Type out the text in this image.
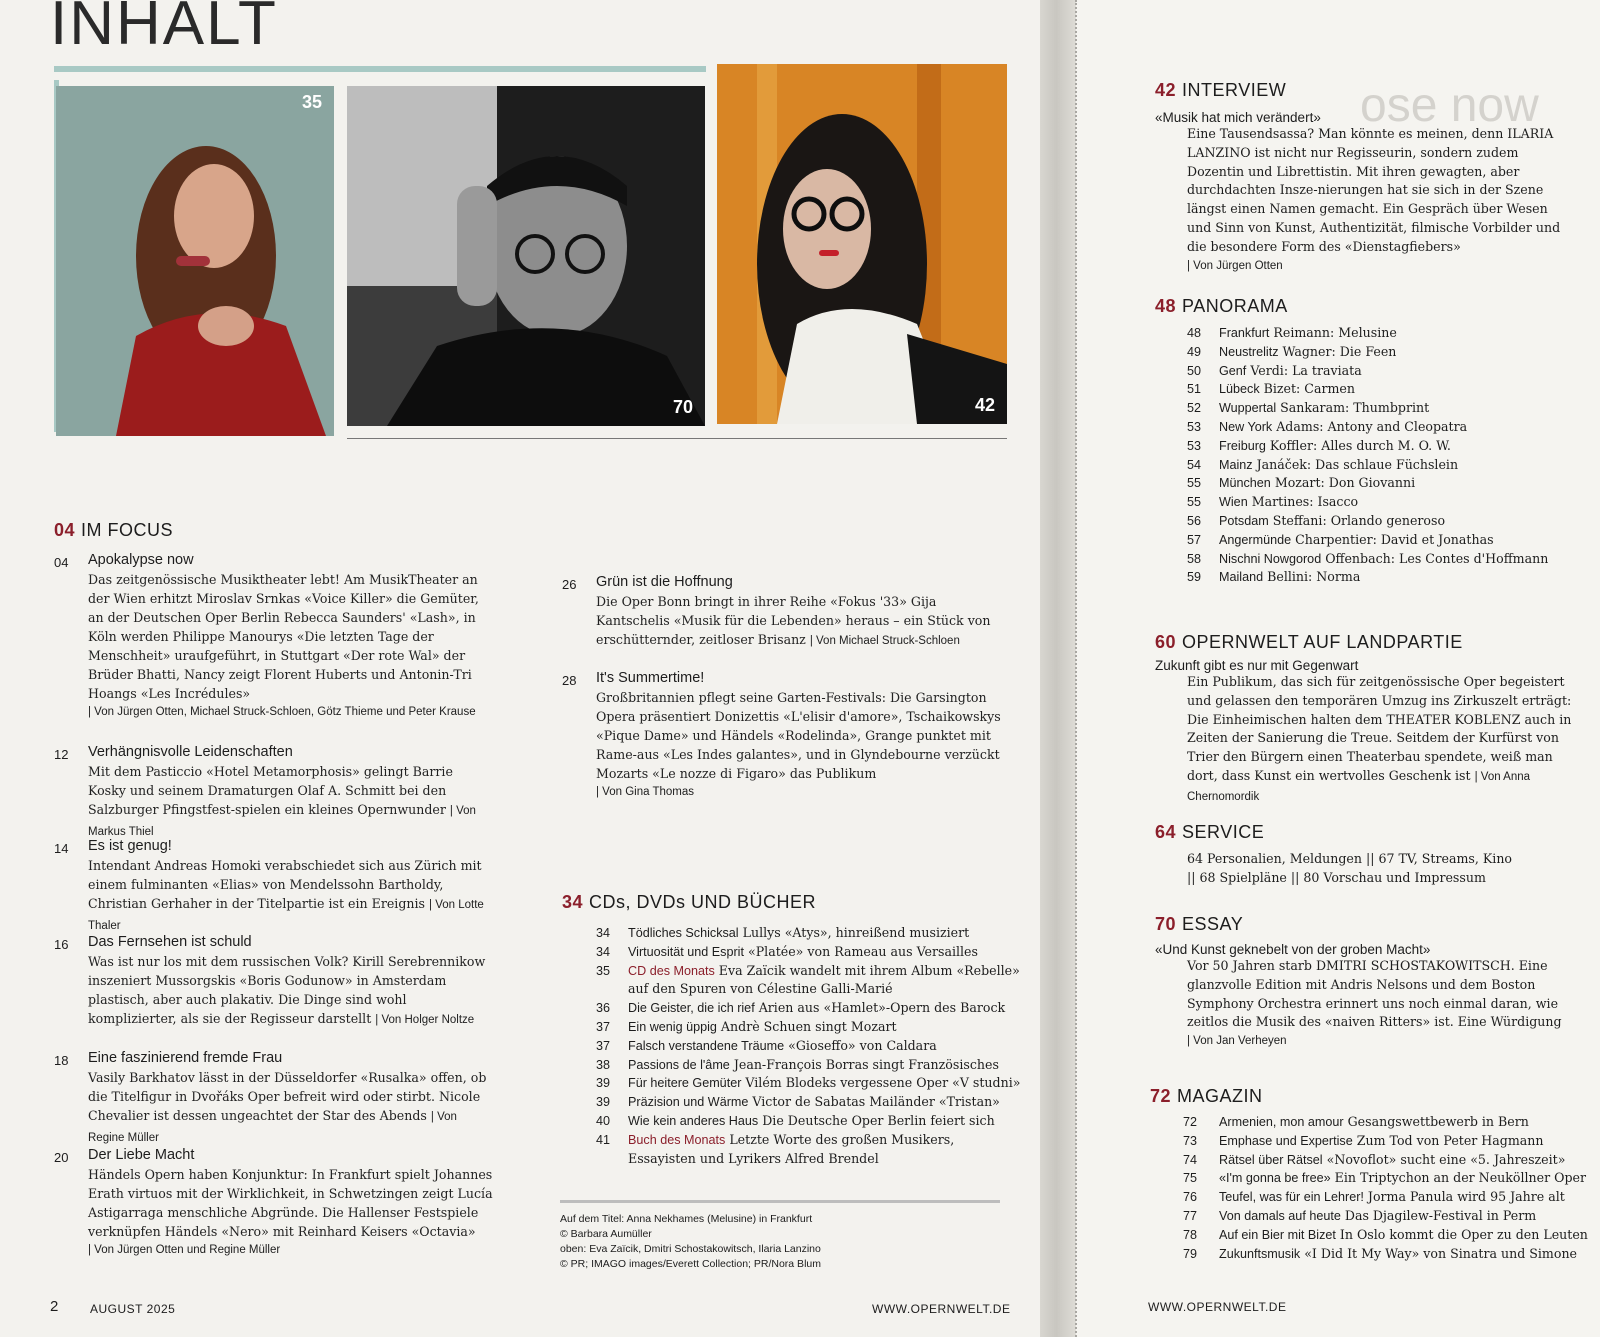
ose now
INHALT
35
70	42
04 IM FOCUS
04 Apokalypse now
Das zeitgenössische Musiktheater lebt! Am MusikTheater an der Wien erhitzt Miroslav Srnkas «Voice Killer» die Gemüter, an der Deutschen Oper Berlin Rebecca Saunders' «Lash», in Köln werden Philippe Manourys «Die letzten Tage der Menschheit» uraufgeführt, in Stuttgart «Der rote Wal» der Brüder Bhatti, Nancy zeigt Florent Huberts und Antonin-Tri Hoangs «Les Incrédules»
| Von Jürgen Otten, Michael Struck-Schloen, Götz Thieme und Peter Krause
12 Verhängnisvolle Leidenschaften
Mit dem Pasticcio «Hotel Metamorphosis» gelingt Barrie Kosky und seinem Dramaturgen Olaf A. Schmitt bei den Salzburger Pfingstfest-spielen ein kleines Opernwunder | Von Markus Thiel
14 Es ist genug!
Intendant Andreas Homoki verabschiedet sich aus Zürich mit einem fulminanten «Elias» von Mendelssohn Bartholdy, Christian Gerhaher in der Titelpartie ist ein Ereignis | Von Lotte Thaler
16 Das Fernsehen ist schuld
Was ist nur los mit dem russischen Volk? Kirill Serebrennikow inszeniert Mussorgskis «Boris Godunow» in Amsterdam plastisch, aber auch plakativ. Die Dinge sind wohl komplizierter, als sie der Regisseur darstellt | Von Holger Noltze
18 Eine faszinierend fremde Frau
Vasily Barkhatov lässt in der Düsseldorfer «Rusalka» offen, ob die Titelfigur in Dvořáks Oper befreit wird oder stirbt. Nicole Chevalier ist dessen ungeachtet der Star des Abends | Von Regine Müller
20 Der Liebe Macht
Händels Opern haben Konjunktur: In Frankfurt spielt Johannes Erath virtuos mit der Wirklichkeit, in Schwetzingen zeigt Lucía Astigarraga menschliche Abgründe. Die Hallenser Festspiele verknüpfen Händels «Nero» mit Reinhard Keisers «Octavia»
| Von Jürgen Otten und Regine Müller
26 Grün ist die Hoffnung
Die Oper Bonn bringt in ihrer Reihe «Fokus '33» Gija Kantschelis «Musik für die Lebenden» heraus – ein Stück von erschütternder, zeitloser Brisanz | Von Michael Struck-Schloen
28 It's Summertime!
Großbritannien pflegt seine Garten-Festivals: Die Garsington Opera präsentiert Donizettis «L'elisir d'amore», Tschaikowskys «Pique Dame» und Händels «Rodelinda», Grange punktet mit Rame-aus «Les Indes galantes», und in Glyndebourne verzückt Mozarts «Le nozze di Figaro» das Publikum
| Von Gina Thomas
34 CDs, DVDs UND BÜCHER
34	Tödliches Schicksal Lullys «Atys», hinreißend musiziert
34	Virtuosität und Esprit «Platée» von Rameau aus Versailles
35	CD des Monats Eva Zaïcik wandelt mit ihrem Album «Rebelle»
auf den Spuren von Célestine Galli-Marié
36	Die Geister, die ich rief Arien aus «Hamlet»-Opern des Barock
37	Ein wenig üppig Andrè Schuen singt Mozart
37	Falsch verstandene Träume «Gioseffo» von Caldara
38	Passions de l'âme Jean-François Borras singt Französisches
39	Für heitere Gemüter Vilém Blodeks vergessene Oper «V studni»
39	Präzision und Wärme Victor de Sabatas Mailänder «Tristan»
40	Wie kein anderes Haus Die Deutsche Oper Berlin feiert sich
41	Buch des Monats Letzte Worte des großen Musikers,
Essayisten und Lyrikers Alfred Brendel
Auf dem Titel: Anna Nekhames (Melusine) in Frankfurt
© Barbara Aumüller
oben: Eva Zaïcik, Dmitri Schostakowitsch, Ilaria Lanzino
© PR; IMAGO images/Everett Collection; PR/Nora Blum
2	AUGUST 2025	WWW.OPERNWELT.DE
42 INTERVIEW
«Musik hat mich verändert»
Eine Tausendsassa? Man könnte es meinen, denn ILARIA LANZINO ist nicht nur Regisseurin, sondern zudem Dozentin und Librettistin. Mit ihren gewagten, aber durchdachten Insze-nierungen hat sie sich in der Szene längst einen Namen gemacht. Ein Gespräch über Wesen und Sinn von Kunst, Authentizität, filmische Vorbilder und die besondere Form des «Dienstagfiebers»
| Von Jürgen Otten
48 PANORAMA
48	Frankfurt Reimann: Melusine
49	Neustrelitz Wagner: Die Feen
50	Genf Verdi: La traviata
51	Lübeck Bizet: Carmen
52	Wuppertal Sankaram: Thumbprint
53	New York Adams: Antony and Cleopatra
53	Freiburg Koffler: Alles durch M. O. W.
54	Mainz Janáček: Das schlaue Füchslein
55	München Mozart: Don Giovanni
55	Wien Martines: Isacco
56	Potsdam Steffani: Orlando generoso
57	Angermünde Charpentier: David et Jonathas
58	Nischni Nowgorod Offenbach: Les Contes d'Hoffmann
59	Mailand Bellini: Norma
60 OPERNWELT AUF LANDPARTIE
Zukunft gibt es nur mit Gegenwart
Ein Publikum, das sich für zeitgenössische Oper begeistert und gelassen den temporären Umzug ins Zirkuszelt erträgt: Die Einheimischen halten dem THEATER KOBLENZ auch in Zeiten der Sanierung die Treue. Seitdem der Kurfürst von Trier den Bürgern einen Theaterbau spendete, weiß man dort, dass Kunst ein wertvolles Geschenk ist | Von Anna Chernomordik
64 SERVICE
64 Personalien, Meldungen || 67 TV, Streams, Kino
|| 68 Spielpläne || 80 Vorschau und Impressum
70 ESSAY
«Und Kunst geknebelt von der groben Macht»
Vor 50 Jahren starb DMITRI SCHOSTAKOWITSCH. Eine glanzvolle Edition mit Andris Nelsons und dem Boston Symphony Orchestra erinnert uns noch einmal daran, wie zeitlos die Musik des «naiven Ritters» ist. Eine Würdigung
| Von Jan Verheyen
72 MAGAZIN
72	Armenien, mon amour Gesangswettbewerb in Bern
73	Emphase und Expertise Zum Tod von Peter Hagmann
74	Rätsel über Rätsel «Novoflot» sucht eine «5. Jahreszeit»
75	«I'm gonna be free» Ein Triptychon an der Neuköllner Oper
76	Teufel, was für ein Lehrer! Jorma Panula wird 95 Jahre alt
77	Von damals auf heute Das Djagilew-Festival in Perm
78	Auf ein Bier mit Bizet In Oslo kommt die Oper zu den Leuten
79	Zukunftsmusik «I Did It My Way» von Sinatra und Simone
WWW.OPERNWELT.DE
